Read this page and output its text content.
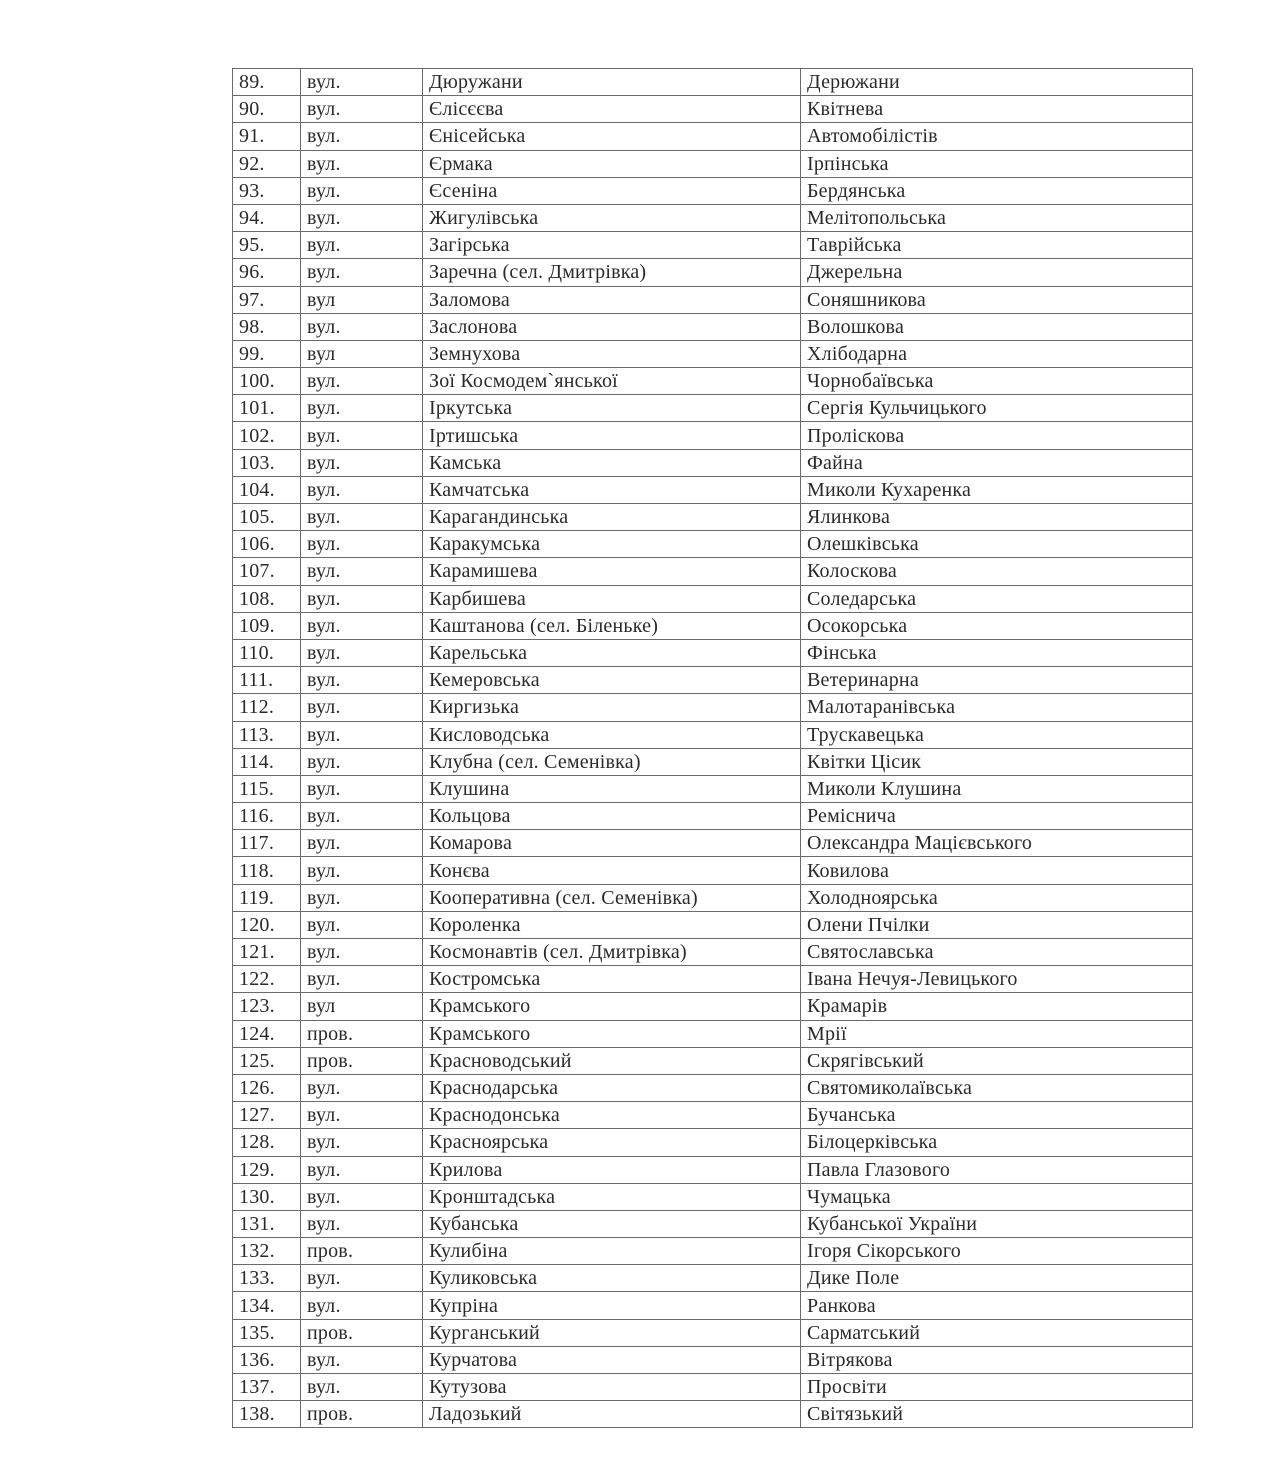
89.	вул.	Дюружани	Дерюжани
90.	вул.	Єлісєєва	Квітнева
91.	вул.	Єнісейська	Автомобілістів
92.	вул.	Єрмака	Ірпінська
93.	вул.	Єсеніна	Бердянська
94.	вул.	Жигулівська	Мелітопольська
95.	вул.	Загірська	Таврійська
96.	вул.	Заречна (сел. Дмитрівка)	Джерельна
97.	вул	Заломова	Соняшникова
98.	вул.	Заслонова	Волошкова
99.	вул	Земнухова	Хлібодарна
100.	вул.	Зої Космодем`янської	Чорнобаївська
101.	вул.	Іркутська	Сергія Кульчицького
102.	вул.	Іртишська	Пролiскова
103.	вул.	Камська	Файна
104.	вул.	Камчатська	Миколи Кухаренка
105.	вул.	Карагандинська	Ялинкова
106.	вул.	Каракумська	Олешківська
107.	вул.	Карамишева	Колоскова
108.	вул.	Карбишева	Соледарська
109.	вул.	Каштанова (сел. Біленьке)	Осокорська
110.	вул.	Карельська	Фінська
111.	вул.	Кемеровська	Ветеринарна
112.	вул.	Киргизька	Малотаранівська
113.	вул.	Кисловодська	Трускавецька
114.	вул.	Клубна (сел. Семенівка)	Квітки Цісик
115.	вул.	Клушина	Миколи Клушина
116.	вул.	Кольцова	Реміснича
117.	вул.	Комарова	Олександра Мацієвського
118.	вул.	Конєва	Ковилова
119.	вул.	Кооперативна (сел. Семенівка)	Холодноярська
120.	вул.	Короленка	Олени Пчілки
121.	вул.	Космонавтів (сел. Дмитрівка)	Святославська
122.	вул.	Костромська	Івана Нечуя-Левицького
123.	вул	Крамського	Крамарів
124.	пров.	Крамського	Мрії
125.	пров.	Красноводський	Скрягівський
126.	вул.	Краснодарська	Святомиколаївська
127.	вул.	Краснодонська	Бучанська
128.	вул.	Красноярська	Білоцерківська
129.	вул.	Крилова	Павла Глазового
130.	вул.	Кронштадська	Чумацька
131.	вул.	Кубанська	Кубанської України
132.	пров.	Кулибіна	Ігоря Сікорського
133.	вул.	Куликовська	Дике Поле
134.	вул.	Купріна	Ранкова
135.	пров.	Курганський	Сарматський
136.	вул.	Курчатова	Вітрякова
137.	вул.	Кутузова	Просвіти
138.	пров.	Ладозький	Світязький
